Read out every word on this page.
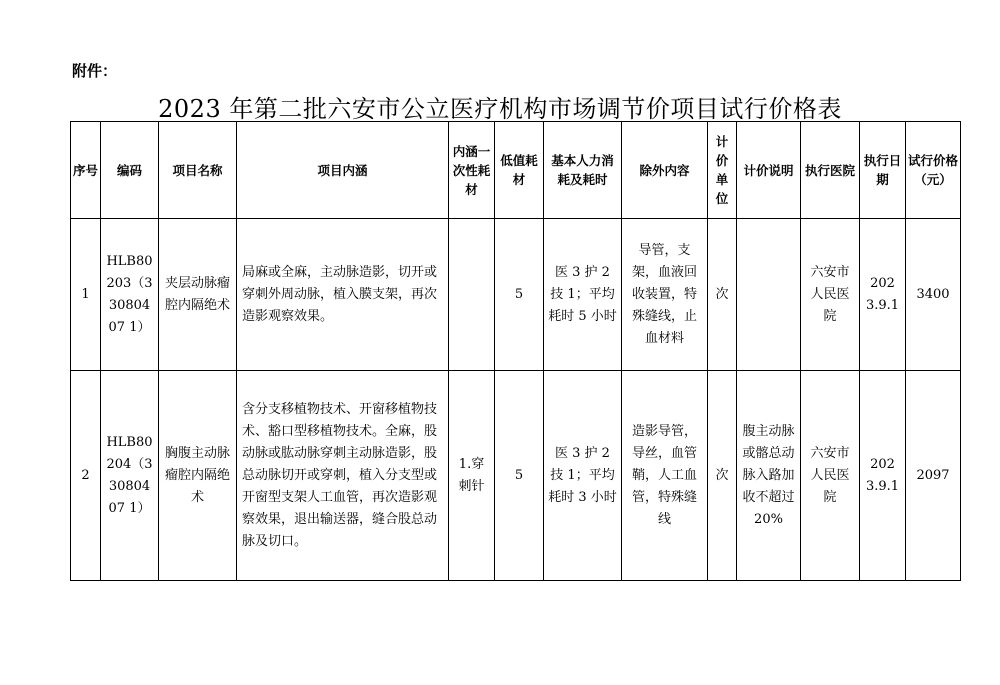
附件：
2023 年第二批六安市公立医疗机构市场调节价项目试行价格表
序号	编码	项目名称	项目内涵	内涵一次性耗材	低值耗材	基本人力消耗及耗时	除外内容	计价单位	计价说明	执行医院	执行日期	试行价格（元）
1	HLB80203（33080407 1）	夹层动脉瘤腔内隔绝术	局麻或全麻，主动脉造影，切开或穿刺外周动脉，植入膜支架，再次造影观察效果。		5	医 3 护 2 技 1；平均耗时 5 小时	导管，支架，血液回收装置，特殊缝线，止血材料	次		六安市人民医院	2023.9.1	3400
2	HLB80204（33080407 1）	胸腹主动脉瘤腔内隔绝术	含分支移植物技术、开窗移植物技术、豁口型移植物技术。全麻，股动脉或肱动脉穿刺主动脉造影，股总动脉切开或穿刺，植入分支型或开窗型支架人工血管，再次造影观察效果，退出输送器，缝合股总动脉及切口。	1.穿刺针	5	医 3 护 2 技 1；平均耗时 3 小时	造影导管，导丝，血管鞘，人工血管，特殊缝线	次	腹主动脉或髂总动脉入路加收不超过 20%	六安市人民医院	2023.9.1	2097
